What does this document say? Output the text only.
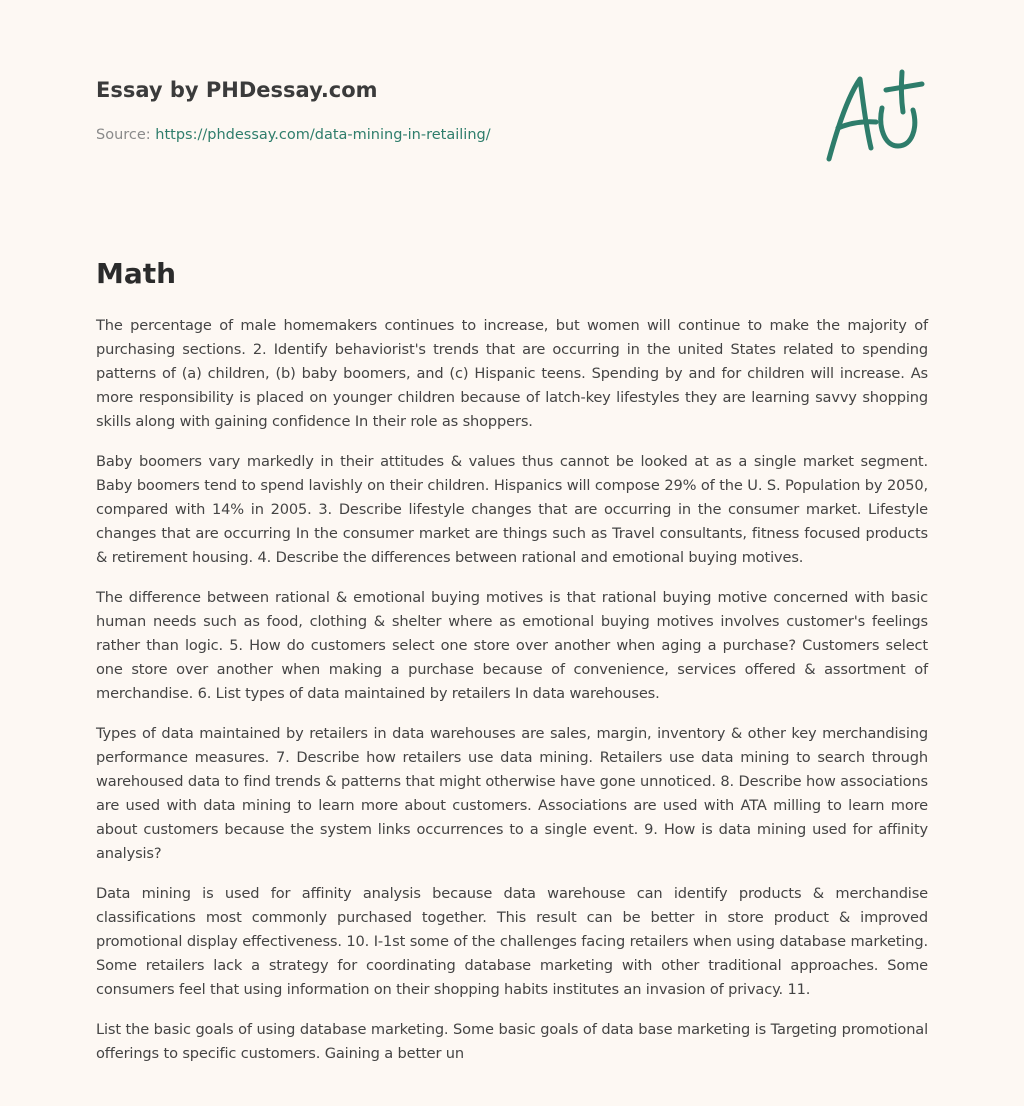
Essay by PHDessay.com
Source: https://phdessay.com/data-mining-in-retailing/
Math

The percentage of male homemakers continues to increase, but women will continue to make the majority of purchasing sections. 2. Identify behaviorist's trends that are occurring in the united States related to spending patterns of (a) children, (b) baby boomers, and (c) Hispanic teens. Spending by and for children will increase. As more responsibility is placed on younger children because of latch-key lifestyles they are learning savvy shopping skills along with gaining confidence In their role as shoppers.

Baby boomers vary markedly in their attitudes & values thus cannot be looked at as a single market segment. Baby boomers tend to spend lavishly on their children. Hispanics will compose 29% of the U. S. Population by 2050, compared with 14% in 2005. 3. Describe lifestyle changes that are occurring in the consumer market. Lifestyle changes that are occurring In the consumer market are things such as Travel consultants, fitness focused products & retirement housing. 4. Describe the differences between rational and emotional buying motives.

The difference between rational & emotional buying motives is that rational buying motive concerned with basic human needs such as food, clothing & shelter where as emotional buying motives involves customer's feelings rather than logic. 5. How do customers select one store over another when aging a purchase? Customers select one store over another when making a purchase because of convenience, services offered & assortment of merchandise. 6. List types of data maintained by retailers In data warehouses.

Types of data maintained by retailers in data warehouses are sales, margin, inventory & other key merchandising performance measures. 7. Describe how retailers use data mining. Retailers use data mining to search through warehoused data to find trends & patterns that might otherwise have gone unnoticed. 8. Describe how associations are used with data mining to learn more about customers. Associations are used with ATA milling to learn more about customers because the system links occurrences to a single event. 9. How is data mining used for affinity analysis?

Data mining is used for affinity analysis because data warehouse can identify products & merchandise classifications most commonly purchased together. This result can be better in store product & improved promotional display effectiveness. 10. I-1st some of the challenges facing retailers when using database marketing. Some retailers lack a strategy for coordinating database marketing with other traditional approaches. Some consumers feel that using information on their shopping habits institutes an invasion of privacy. 11.

List the basic goals of using database marketing. Some basic goals of data base marketing is Targeting promotional offerings to specific customers. Gaining a better un
